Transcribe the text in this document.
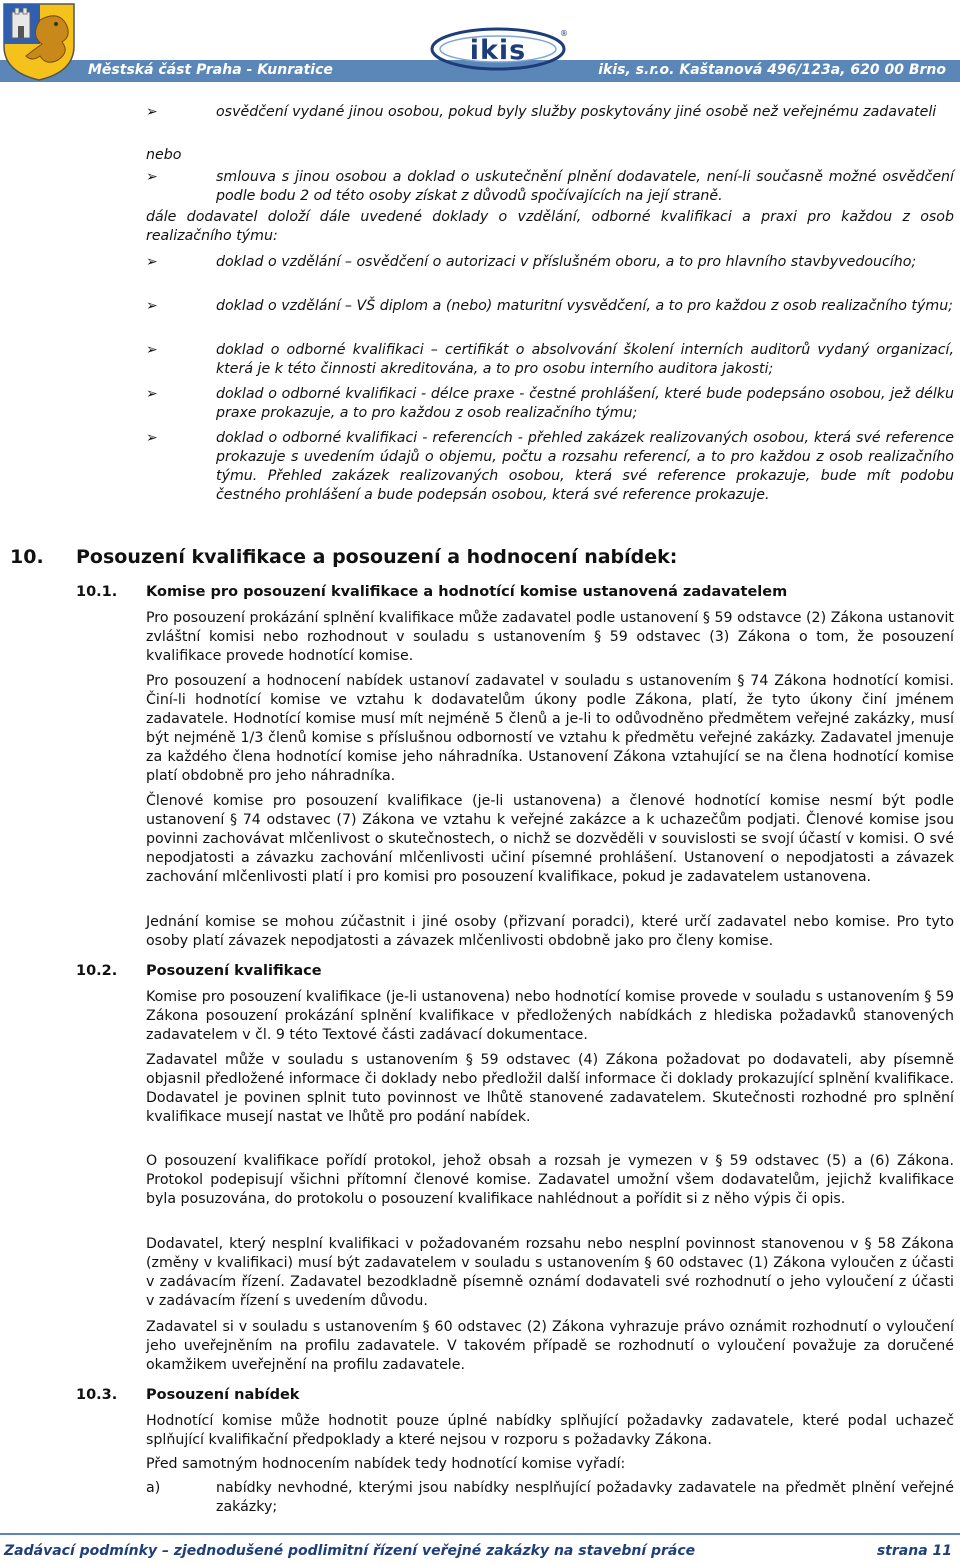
Městská část Praha - Kunratice	ikis, s.r.o. Kaštanová 496/123a, 620 00 Brno
ikis
®
➢	osvědčení vydané jinou osobou, pokud byly služby poskytovány jiné osobě než veřejnému zadavateli
nebo
➢	smlouva s jinou osobou a doklad o uskutečnění plnění dodavatele, není-li současně možné osvědčení podle bodu 2 od této osoby získat z důvodů spočívajících na její straně.
dále dodavatel doloží dále uvedené doklady o vzdělání, odborné kvalifikaci a praxi pro každou z osob realizačního týmu:
➢	doklad o vzdělání – osvědčení o autorizaci v příslušném oboru, a to pro hlavního stavbyvedoucího;
➢	doklad o vzdělání – VŠ diplom a (nebo) maturitní vysvědčení, a to pro každou z osob realizačního týmu;
➢	doklad o odborné kvalifikaci – certifikát o absolvování školení interních auditorů vydaný organizací, která je k této činnosti akreditována, a to pro osobu interního auditora jakosti;
➢	doklad o odborné kvalifikaci - délce praxe - čestné prohlášení, které bude podepsáno osobou, jež délku praxe prokazuje, a to pro každou z osob realizačního týmu;
➢	doklad o odborné kvalifikaci - referencích - přehled zakázek realizovaných osobou, která své reference prokazuje s uvedením údajů o objemu, počtu a rozsahu referencí, a to pro každou z osob realizačního týmu. Přehled zakázek realizovaných osobou, která své reference prokazuje, bude mít podobu čestného prohlášení a bude podepsán osobou, která své reference prokazuje.
10. Posouzení kvalifikace a posouzení a hodnocení nabídek:
10.1. Komise pro posouzení kvalifikace a hodnotící komise ustanovená zadavatelem
Pro posouzení prokázání splnění kvalifikace může zadavatel podle ustanovení § 59 odstavce (2) Zákona ustanovit zvláštní komisi nebo rozhodnout v souladu s ustanovením § 59 odstavec (3) Zákona o tom, že posouzení kvalifikace provede hodnotící komise.
Pro posouzení a hodnocení nabídek ustanoví zadavatel v souladu s ustanovením § 74 Zákona hodnotící komisi. Činí-li hodnotící komise ve vztahu k dodavatelům úkony podle Zákona, platí, že tyto úkony činí jménem zadavatele. Hodnotící komise musí mít nejméně 5 členů a je-li to odůvodněno předmětem veřejné zakázky, musí být nejméně 1/3 členů komise s příslušnou odborností ve vztahu k předmětu veřejné zakázky. Zadavatel jmenuje za každého člena hodnotící komise jeho náhradníka. Ustanovení Zákona vztahující se na člena hodnotící komise platí obdobně pro jeho náhradníka.
Členové komise pro posouzení kvalifikace (je-li ustanovena) a členové hodnotící komise nesmí být podle ustanovení § 74 odstavec (7) Zákona ve vztahu k veřejné zakázce a k uchazečům podjati. Členové komise jsou povinni zachovávat mlčenlivost o skutečnostech, o nichž se dozvěděli v souvislosti se svojí účastí v komisi. O své nepodjatosti a závazku zachování mlčenlivosti učiní písemné prohlášení. Ustanovení o nepodjatosti a závazek zachování mlčenlivosti platí i pro komisi pro posouzení kvalifikace, pokud je zadavatelem ustanovena.
Jednání komise se mohou zúčastnit i jiné osoby (přizvaní poradci), které určí zadavatel nebo komise. Pro tyto osoby platí závazek nepodjatosti a závazek mlčenlivosti obdobně jako pro členy komise.
10.2. Posouzení kvalifikace
Komise pro posouzení kvalifikace (je-li ustanovena) nebo hodnotící komise provede v souladu s ustanovením § 59 Zákona posouzení prokázání splnění kvalifikace v předložených nabídkách z hlediska požadavků stanovených zadavatelem v čl. 9 této Textové části zadávací dokumentace.
Zadavatel může v souladu s ustanovením § 59 odstavec (4) Zákona požadovat po dodavateli, aby písemně objasnil předložené informace či doklady nebo předložil další informace či doklady prokazující splnění kvalifikace. Dodavatel je povinen splnit tuto povinnost ve lhůtě stanovené zadavatelem. Skutečnosti rozhodné pro splnění kvalifikace musejí nastat ve lhůtě pro podání nabídek.
O posouzení kvalifikace pořídí protokol, jehož obsah a rozsah je vymezen v § 59 odstavec (5) a (6) Zákona. Protokol podepisují všichni přítomní členové komise. Zadavatel umožní všem dodavatelům, jejichž kvalifikace byla posuzována, do protokolu o posouzení kvalifikace nahlédnout a pořídit si z něho výpis či opis.
Dodavatel, který nesplní kvalifikaci v požadovaném rozsahu nebo nesplní povinnost stanovenou v § 58 Zákona (změny v kvalifikaci) musí být zadavatelem v souladu s ustanovením § 60 odstavec (1) Zákona vyloučen z účasti v zadávacím řízení. Zadavatel bezodkladně písemně oznámí dodavateli své rozhodnutí o jeho vyloučení z účasti v zadávacím řízení s uvedením důvodu.
Zadavatel si v souladu s ustanovením § 60 odstavec (2) Zákona vyhrazuje právo oznámit rozhodnutí o vyloučení jeho uveřejněním na profilu zadavatele. V takovém případě se rozhodnutí o vyloučení považuje za doručené okamžikem uveřejnění na profilu zadavatele.
10.3. Posouzení nabídek
Hodnotící komise může hodnotit pouze úplné nabídky splňující požadavky zadavatele, které podal uchazeč splňující kvalifikační předpoklady a které nejsou v rozporu s požadavky Zákona.
Před samotným hodnocením nabídek tedy hodnotící komise vyřadí:
a)	nabídky nevhodné, kterými jsou nabídky nesplňující požadavky zadavatele na předmět plnění veřejné zakázky;
Zadávací podmínky – zjednodušené podlimitní řízení veřejné zakázky na stavební práce	strana 11
